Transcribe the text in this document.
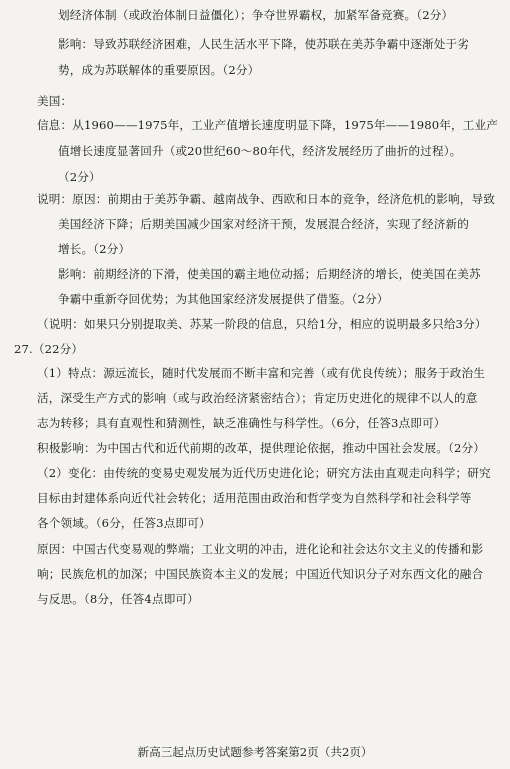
划经济体制（或政治体制日益僵化）；争夺世界霸权，加紧军备竞赛。（2分）
影响：导致苏联经济困难，人民生活水平下降，使苏联在美苏争霸中逐渐处于劣
势，成为苏联解体的重要原因。（2分）
美国：
信息：从1960——1975年，工业产值增长速度明显下降，1975年——1980年，工业产
值增长速度显著回升（或20世纪60～80年代，经济发展经历了曲折的过程）。
（2分）
说明：原因：前期由于美苏争霸、越南战争、西欧和日本的竞争，经济危机的影响，导致
美国经济下降；后期美国减少国家对经济干预，发展混合经济，实现了经济新的
增长。（2分）
影响：前期经济的下滑，使美国的霸主地位动摇；后期经济的增长，使美国在美苏
争霸中重新夺回优势；为其他国家经济发展提供了借鉴。（2分）
（说明：如果只分别提取美、苏某一阶段的信息，只给1分，相应的说明最多只给3分）
27.（22分）
（1）特点：源远流长，随时代发展而不断丰富和完善（或有优良传统）；服务于政治生
活，深受生产方式的影响（或与政治经济紧密结合）；肯定历史进化的规律不以人的意
志为转移；具有直观性和猜测性，缺乏准确性与科学性。（6分，任答3点即可）
积极影响：为中国古代和近代前期的改革，提供理论依据，推动中国社会发展。（2分）
（2）变化：由传统的变易史观发展为近代历史进化论；研究方法由直观走向科学；研究
目标由封建体系向近代社会转化；适用范围由政治和哲学变为自然科学和社会科学等
各个领域。（6分，任答3点即可）
原因：中国古代变易观的弊端；工业文明的冲击，进化论和社会达尔文主义的传播和影
响；民族危机的加深；中国民族资本主义的发展；中国近代知识分子对东西文化的融合
与反思。（8分，任答4点即可）
新高三起点历史试题参考答案第2页（共2页）
